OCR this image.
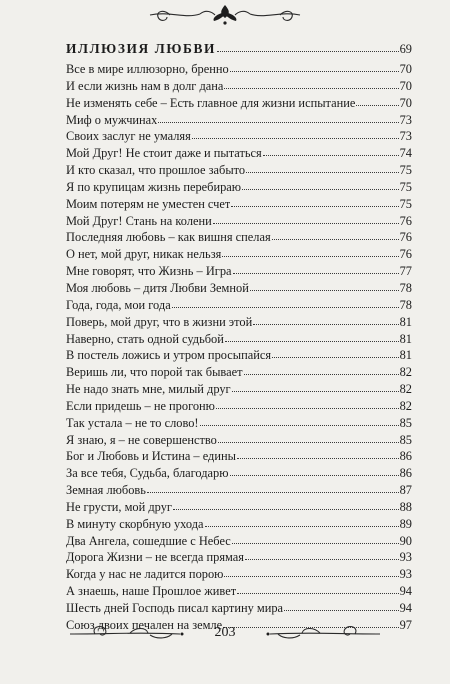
ИЛЛЮЗИЯ ЛЮБВИ	69
Все в мире иллюзорно, бренно	70
И если жизнь нам в долг дана	70
Не изменять себе – Есть главное для жизни испытание	70
Миф о мужчинах	73
Своих заслуг не умаляя	73
Мой Друг! Не стоит даже и пытаться	74
И кто сказал, что прошлое забыто	75
Я по крупицам жизнь перебираю	75
Моим потерям не уместен счет	75
Мой Друг! Стань на колени	76
Последняя любовь – как вишня спелая	76
О нет, мой друг, никак нельзя	76
Мне говорят, что Жизнь – Игра	77
Моя любовь – дитя Любви Земной	78
Года, года, мои года	78
Поверь, мой друг, что в жизни этой	81
Наверно, стать одной судьбой	81
В постель ложись и утром просыпайся	81
Веришь ли, что порой так бывает	82
Не надо знать мне, милый друг	82
Если придешь – не прогоню	82
Так устала – не то слово!	85
Я знаю, я – не совершенство	85
Бог и Любовь и Истина – едины	86
За все тебя, Судьба, благодарю	86
Земная любовь	87
Не грусти, мой друг	88
В минуту скорбную ухода	89
Два Ангела, сошедшие с Небес	90
Дорога Жизни – не всегда прямая	93
Когда у нас не ладится порою	93
А знаешь, наше Прошлое живет	94
Шесть дней Господь писал картину мира	94
Союз двоих печален на земле	97
203
